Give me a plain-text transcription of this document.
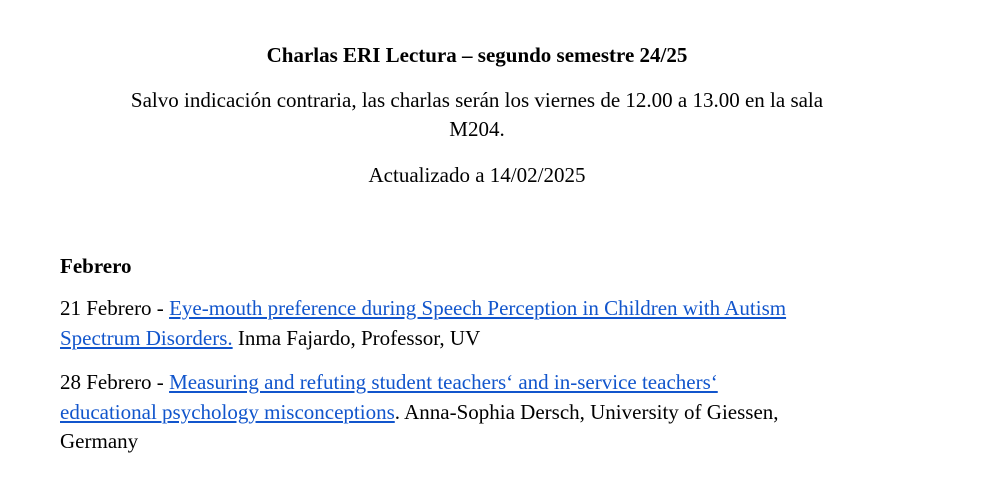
Charlas ERI Lectura – segundo semestre 24/25
Salvo indicación contraria, las charlas serán los viernes de 12.00 a 13.00 en la sala
M204.
Actualizado a 14/02/2025
Febrero
21 Febrero - Eye-mouth preference during Speech Perception in Children with Autism
Spectrum Disorders. Inma Fajardo, Professor, UV
28 Febrero - Measuring and refuting student teachers‘ and in-service teachers‘
educational psychology misconceptions. Anna-Sophia Dersch, University of Giessen,
Germany
